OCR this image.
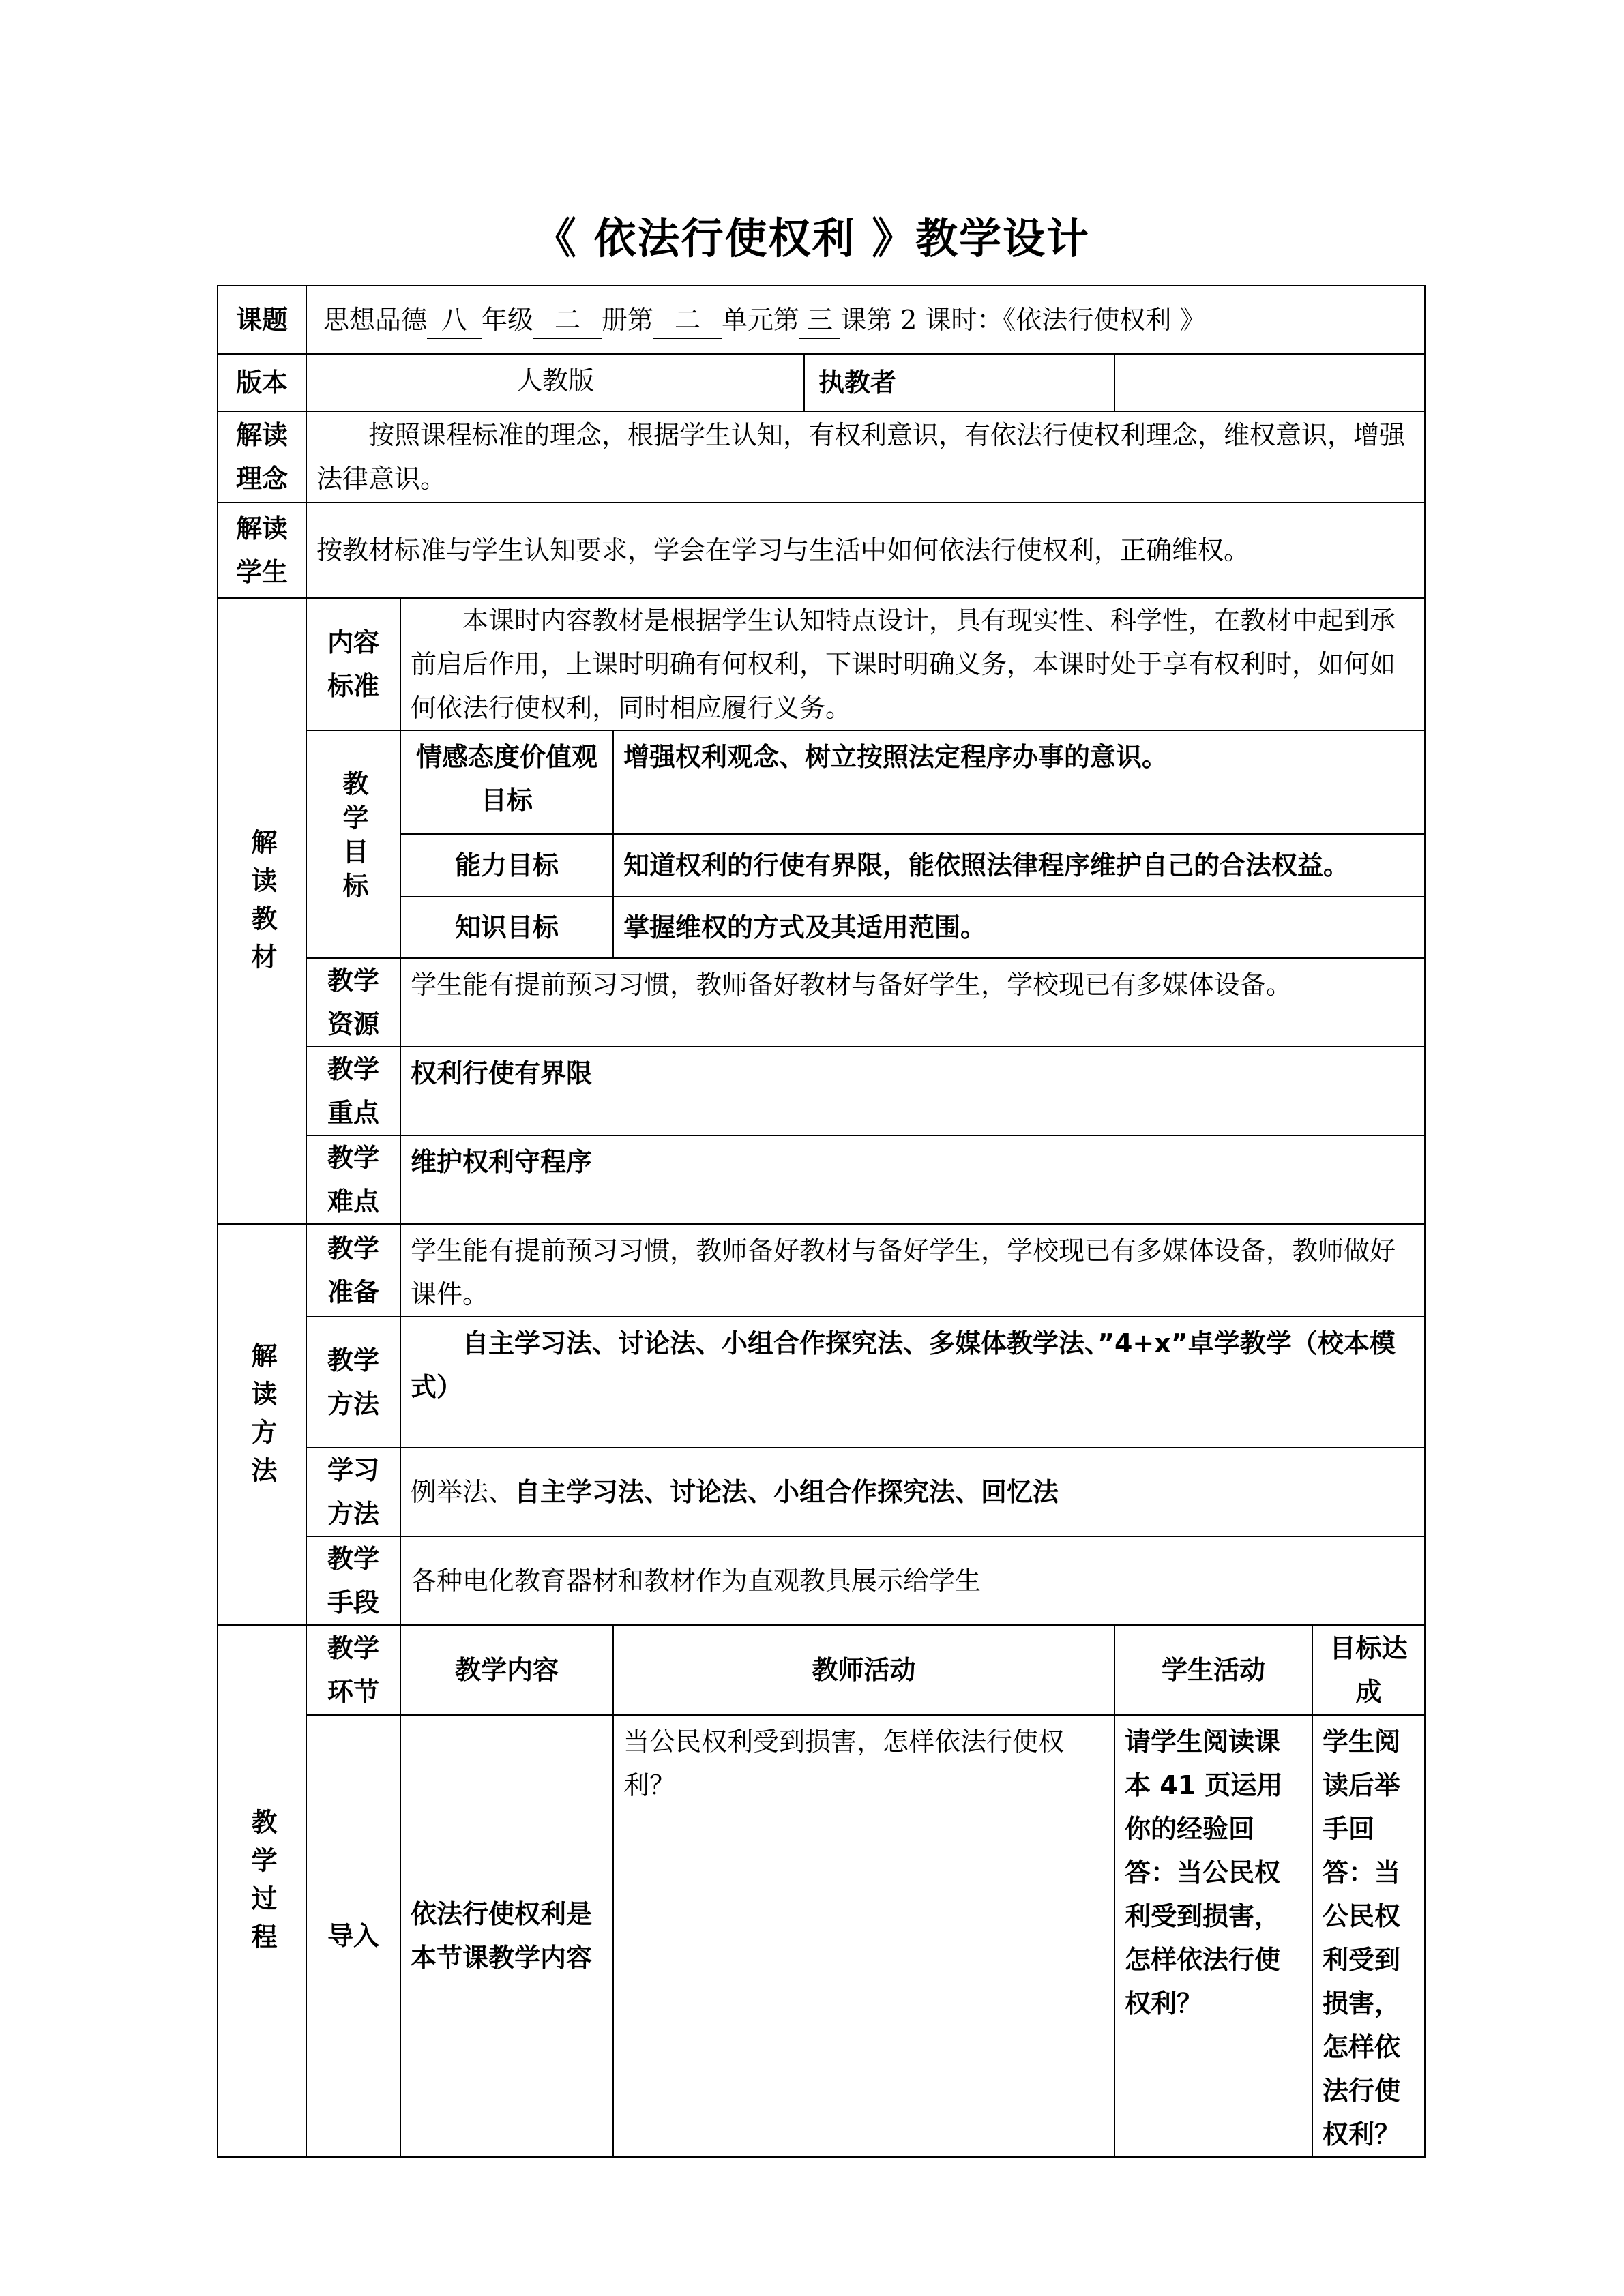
《 依法行使权利 》教学设计
课题	思想品德 八 年级 二 册第 二 单元第 三 课第 2 课时：《依法行使权利 》					
版本	人教版			执教者		
解读理念	按照课程标准的理念，根据学生认知，有权利意识，有依法行使权利理念，维权意识，增强法律意识。					
解读学生	按教材标准与学生认知要求，学会在学习与生活中如何依法行使权利，正确维权。					
解读教材	内容标准	本课时内容教材是根据学生认知特点设计，具有现实性、科学性，在教材中起到承前启后作用，上课时明确有何权利，下课时明确义务，本课时处于享有权利时，如何如何依法行使权利，同时相应履行义务。				
	教学目标	情感态度价值观目标	增强权利观念、树立按照法定程序办事的意识。			
		能力目标	知道权利的行使有界限，能依照法律程序维护自己的合法权益。			
		知识目标	掌握维权的方式及其适用范围。			
	教学资源	学生能有提前预习习惯，教师备好教材与备好学生，学校现已有多媒体设备。				
	教学重点	权利行使有界限				
	教学难点	维护权利守程序				
解读方法	教学准备	学生能有提前预习习惯，教师备好教材与备好学生，学校现已有多媒体设备，教师做好课件。				
	教学方法	自主学习法、讨论法、小组合作探究法、多媒体教学法、”4+x”卓学教学（校本模式）				
	学习方法	例举法、自主学习法、讨论法、小组合作探究法、回忆法				
	教学手段	各种电化教育器材和教材作为直观教具展示给学生				
教学过程	教学环节	教学内容	教师活动		学生活动	目标达成
	导入	依法行使权利是本节课教学内容	当公民权利受到损害，怎样依法行使权利？		请学生阅读课本 41 页运用你的经验回答：当公民权利受到损害，怎样依法行使权利？	学生阅读后举手回答：当公民权利受到损害，怎样依法行使权利？
